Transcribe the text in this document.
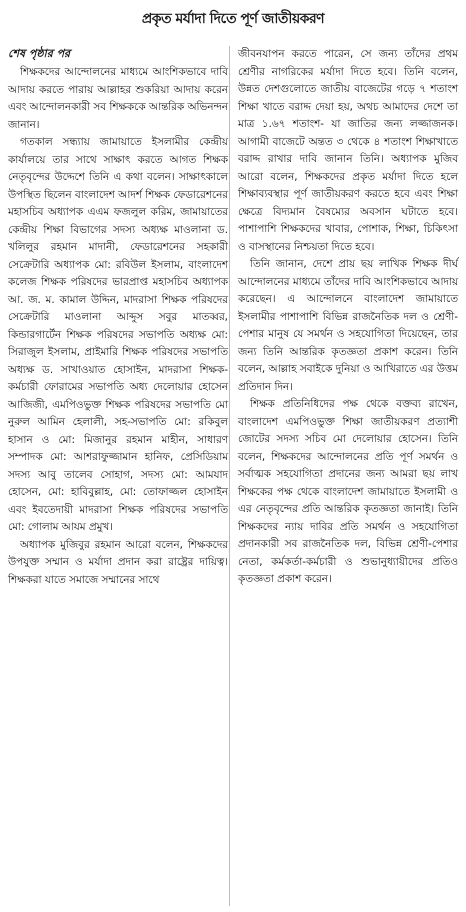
প্রকৃত মর্যাদা দিতে পূর্ণ জাতীয়করণ
শেষ পৃষ্ঠার পর

শিক্ষকদের আন্দোলনের মাধ্যমে আংশিকভাবে দাবি আদায় করতে পারায় আল্লাহর শুকরিয়া আদায় করেন এবং আন্দোলনকারী সব শিক্ষককে আন্তরিক অভিনন্দন জানান।

গতকাল সন্ধ্যায় জামায়াতে ইসলামীর কেন্দ্রীয় কার্যালয়ে তার সাথে সাক্ষাৎ করতে আগত শিক্ষক নেতৃবৃন্দের উদ্দেশে তিনি এ কথা বলেন। সাক্ষাৎকালে উপস্থিত ছিলেন বাংলাদেশ আদর্শ শিক্ষক ফেডারেশনের মহাসচিব অধ্যাপক এএম ফজলুল করিম, জামায়াতের কেন্দ্রীয় শিক্ষা বিভাগের সদস্য অধ্যক্ষ মাওলানা ড. খলিলুর রহমান মাদানী, ফেডারেশনের সহকারী সেক্রেটারি অধ্যাপক মো: রবিউল ইসলাম, বাংলাদেশ কলেজ শিক্ষক পরিষদের ভারপ্রাপ্ত মহাসচিব অধ্যাপক আ. জ. ম. কামাল উদ্দিন, মাদরাসা শিক্ষক পরিষদের সেক্রেটারি মাওলানা আব্দুস সবুর মাতব্বর, কিন্ডারগার্টেন শিক্ষক পরিষদের সভাপতি অধ্যক্ষ মো: সিরাজুল ইসলাম, প্রাইমারি শিক্ষক পরিষদের সভাপতি অধ্যক্ষ ড. সাখাওয়াত হোসাইন, মাদরাসা শিক্ষক-কর্মচারী ফোরামের সভাপতি অধ্য দেলোয়ার হোসেন আজিজী, এমপিওভুক্ত শিক্ষক পরিষদের সভাপতি মো নুরুল আমিন হেলালী, সহ-সভাপতি মো: রকিবুল হাসান ও মো: মিজানুর রহমান মাহীন, সাধারণ সম্পাদক মো: আশরাফুজ্জামান হানিফ, প্রেসিডিয়াম সদস্য আবু তালেব সোহাগ, সদস্য মো: আমযাদ হোসেন, মো: হাবিবুল্লাহ, মো: তোফাজ্জল হোসাইন এবং ইবতেদায়ী মাদরাসা শিক্ষক পরিষদের সভাপতি মো: গোলাম আযম প্রমুখ।

অধ্যাপক মুজিবুর রহমান আরো বলেন, শিক্ষকদের উপযুক্ত সম্মান ও মর্যাদা প্রদান করা রাষ্ট্রের দায়িত্ব। শিক্ষকরা যাতে সমাজে সম্মানের সাথে

জীবনযাপন করতে পারেন, সে জন্য তাঁদের প্রথম শ্রেণীর নাগরিকের মর্যাদা দিতে হবে। তিনি বলেন, উন্নত দেশগুলোতে জাতীয় বাজেটের গড়ে ৭ শতাংশ শিক্ষা খাতে বরাদ্দ দেয়া হয়, অথচ আমাদের দেশে তা মাত্র ১.৬৭ শতাংশ- যা জাতির জন্য লজ্জাজনক। আগামী বাজেটে অন্তত ৩ থেকে ৪ শতাংশ শিক্ষাখাতে বরাদ্দ রাখার দাবি জানান তিনি। অধ্যাপক মুজিব আরো বলেন, শিক্ষকদের প্রকৃত মর্যাদা দিতে হলে শিক্ষাব্যবস্থার পূর্ণ জাতীয়করণ করতে হবে এবং শিক্ষা ক্ষেত্রে বিদ্যমান বৈষম্যের অবসান ঘটাতে হবে। পাশাপাশি শিক্ষকদের খাবার, পোশাক, শিক্ষা, চিকিৎসা ও বাসস্থানের নিশ্চয়তা দিতে হবে।

তিনি জানান, দেশে প্রায় ছয় লাখিক শিক্ষক দীর্ঘ আন্দোলনের মাধ্যমে তাঁদের দাবি আংশিকভাবে আদায় করেছেন। এ আন্দোলনে বাংলাদেশ জামায়াতে ইসলামীর পাশাপাশি বিভিন্ন রাজনৈতিক দল ও শ্রেণী-পেশার মানুষ যে সমর্থন ও সহযোগিতা দিয়েছেন, তার জন্য তিনি আন্তরিক কৃতজ্ঞতা প্রকাশ করেন। তিনি বলেন, আল্লাহ সবাইকে দুনিয়া ও আখিরাতে এর উত্তম প্রতিদান দিন।

শিক্ষক প্রতিনিধিদের পক্ষ থেকে বক্তব্য রাখেন, বাংলাদেশ এমপিওভুক্ত শিক্ষা জাতীয়করণ প্রত্যাশী জোটের সদস্য সচিব মো দেলোয়ার হোসেন। তিনি বলেন, শিক্ষকদের আন্দোলনের প্রতি পূর্ণ সমর্থন ও সর্বাত্মক সহযোগিতা প্রদানের জন্য আমরা ছয় লাখ শিক্ষকের পক্ষ থেকে বাংলাদেশ জামায়াতে ইসলামী ও এর নেতৃবৃন্দের প্রতি আন্তরিক কৃতজ্ঞতা জানাই। তিনি শিক্ষকদের ন্যায় দাবির প্রতি সমর্থন ও সহযোগিতা প্রদানকারী সব রাজনৈতিক দল, বিভিন্ন শ্রেণী-পেশার নেতা, কর্মকর্তা-কর্মচারী ও শুভানুধ্যায়ীদের প্রতিও কৃতজ্ঞতা প্রকাশ করেন।
